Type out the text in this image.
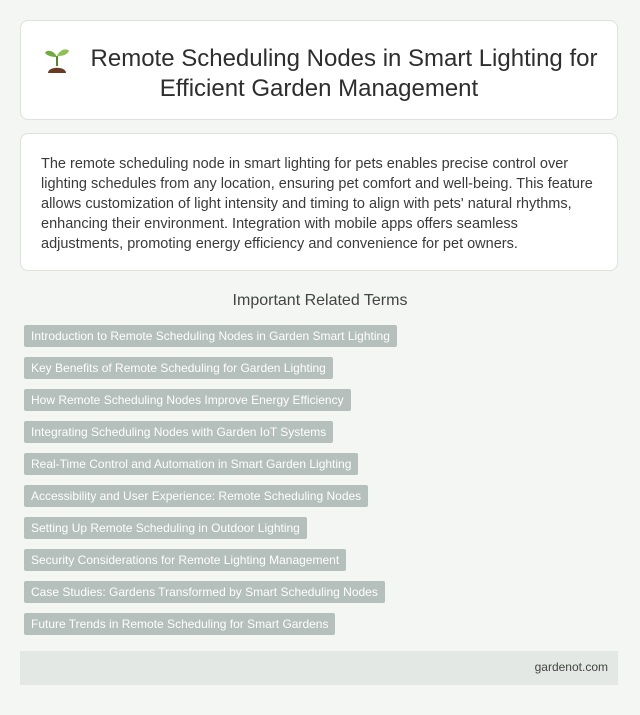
Remote Scheduling Nodes in Smart Lighting for Efficient Garden Management
The remote scheduling node in smart lighting for pets enables precise control over lighting schedules from any location, ensuring pet comfort and well-being. This feature allows customization of light intensity and timing to align with pets' natural rhythms, enhancing their environment. Integration with mobile apps offers seamless adjustments, promoting energy efficiency and convenience for pet owners.
Important Related Terms
Introduction to Remote Scheduling Nodes in Garden Smart Lighting
Key Benefits of Remote Scheduling for Garden Lighting
How Remote Scheduling Nodes Improve Energy Efficiency
Integrating Scheduling Nodes with Garden IoT Systems
Real-Time Control and Automation in Smart Garden Lighting
Accessibility and User Experience: Remote Scheduling Nodes
Setting Up Remote Scheduling in Outdoor Lighting
Security Considerations for Remote Lighting Management
Case Studies: Gardens Transformed by Smart Scheduling Nodes
Future Trends in Remote Scheduling for Smart Gardens
gardenot.com
